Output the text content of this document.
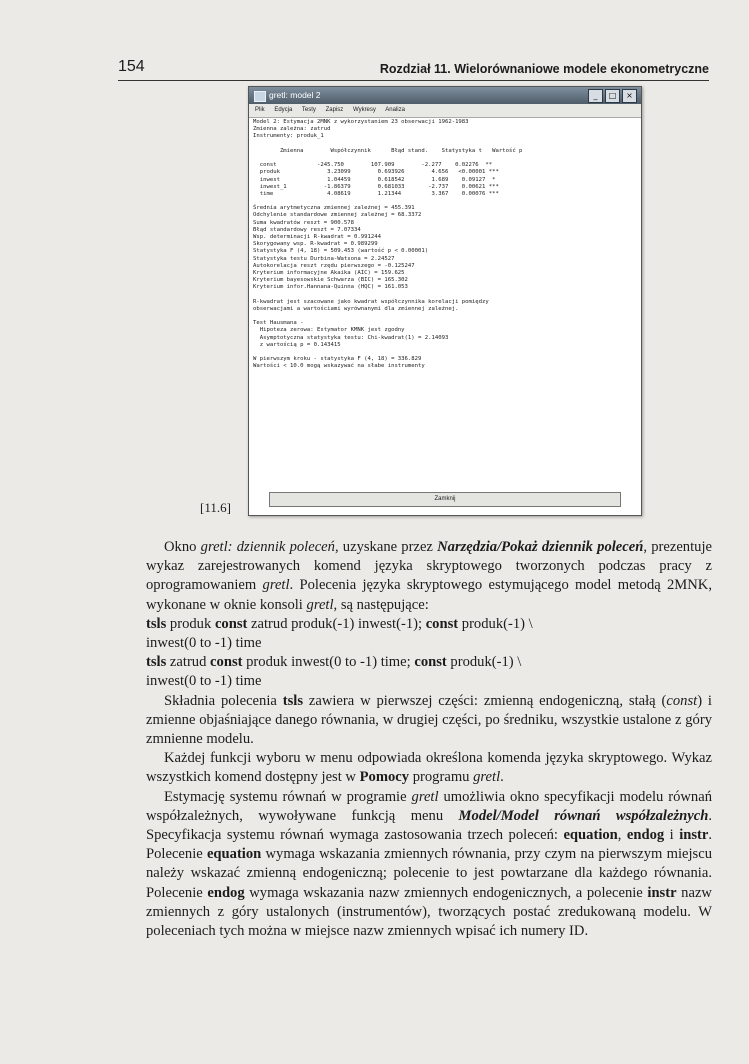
154	Rozdział 11. Wielorównaniowe modele ekonometryczne
gretl: model 2	_	□	×
Plik Edycja Testy Zapisz Wykresy Analiza
Model 2: Estymacja 2MNK z wykorzystaniem 23 obserwacji 1962-1983
Zmienna zależna: zatrud
Instrumenty: produk_1
Zmienna        Współczynnik      Błąd stand.    Statystyka t   Wartość p
const            -245.750        107.909        -2.277    0.02276  **
produk              3.23099        0.693926        4.656   <0.00001 ***
inwest              1.04459        0.618542        1.689    0.09127  *
inwest_1           -1.86379        0.681033       -2.737    0.00621 ***
time                4.08619        1.21344         3.367    0.00076 ***
Średnia arytmetyczna zmiennej zależnej = 455.391
Odchylenie standardowe zmiennej zależnej = 68.3372
Suma kwadratów reszt = 900.578
Błąd standardowy reszt = 7.07334
Wsp. determinacji R-kwadrat = 0.991244
Skorygowany wsp. R-kwadrat = 0.989299
Statystyka F (4, 18) = 509.453 (wartość p < 0.00001)
Statystyka testu Durbina-Watsona = 2.24527
Autokorelacja reszt rzędu pierwszego = -0.125247
Kryterium informacyjne Akaika (AIC) = 159.625
Kryterium bayesowskie Schwarza (BIC) = 165.302
Kryterium infor.Hannana-Quinna (HQC) = 161.053
R-kwadrat jest szacowane jako kwadrat współczynnika korelacji pomiędzy
obserwacjami a wartościami wyrównanymi dla zmiennej zależnej.
Test Hausmana -
Hipoteza zerowa: Estymator KMNK jest zgodny
Asymptotyczna statystyka testu: Chi-kwadrat(1) = 2.14093
z wartością p = 0.143415
W pierwszym kroku - statystyka F (4, 18) = 336.829
Wartości < 10.0 mogą wskazywać na słabe instrumenty
Zamknij
[11.6]

Okno gretl: dziennik poleceń, uzyskane przez Narzędzia/Pokaż dziennik poleceń, prezentuje wykaz zarejestrowanych komend języka skryptowego tworzonych podczas pracy z oprogramowaniem gretl. Polecenia języka skryptowego estymującego model metodą 2MNK, wykonane w oknie konsoli gretl, są następujące:

tsls produk const zatrud produk(-1) inwest(-1); const produk(-1) \

inwest(0 to -1) time

tsls zatrud const produk inwest(0 to -1) time; const produk(-1) \

inwest(0 to -1) time

Składnia polecenia tsls zawiera w pierwszej części: zmienną endogeniczną, stałą (const) i zmienne objaśniające danego równania, w drugiej części, po średniku, wszystkie ustalone z góry zmnienne modelu.

Każdej funkcji wyboru w menu odpowiada określona komenda języka skryptowego. Wykaz wszystkich komend dostępny jest w Pomocy programu gretl.

Estymację systemu równań w programie gretl umożliwia okno specyfikacji modelu równań współzależnych, wywoływane funkcją menu Model/Model równań współzależnych. Specyfikacja systemu równań wymaga zastosowania trzech poleceń: equation, endog i instr. Polecenie equation wymaga wskazania zmiennych równania, przy czym na pierwszym miejscu należy wskazać zmienną endogeniczną; polecenie to jest powtarzane dla każdego równania. Polecenie endog wymaga wskazania nazw zmiennych endogenicznych, a polecenie instr nazw zmiennych z góry ustalonych (instrumentów), tworzących postać zredukowaną modelu. W poleceniach tych można w miejsce nazw zmiennych wpisać ich numery ID.
